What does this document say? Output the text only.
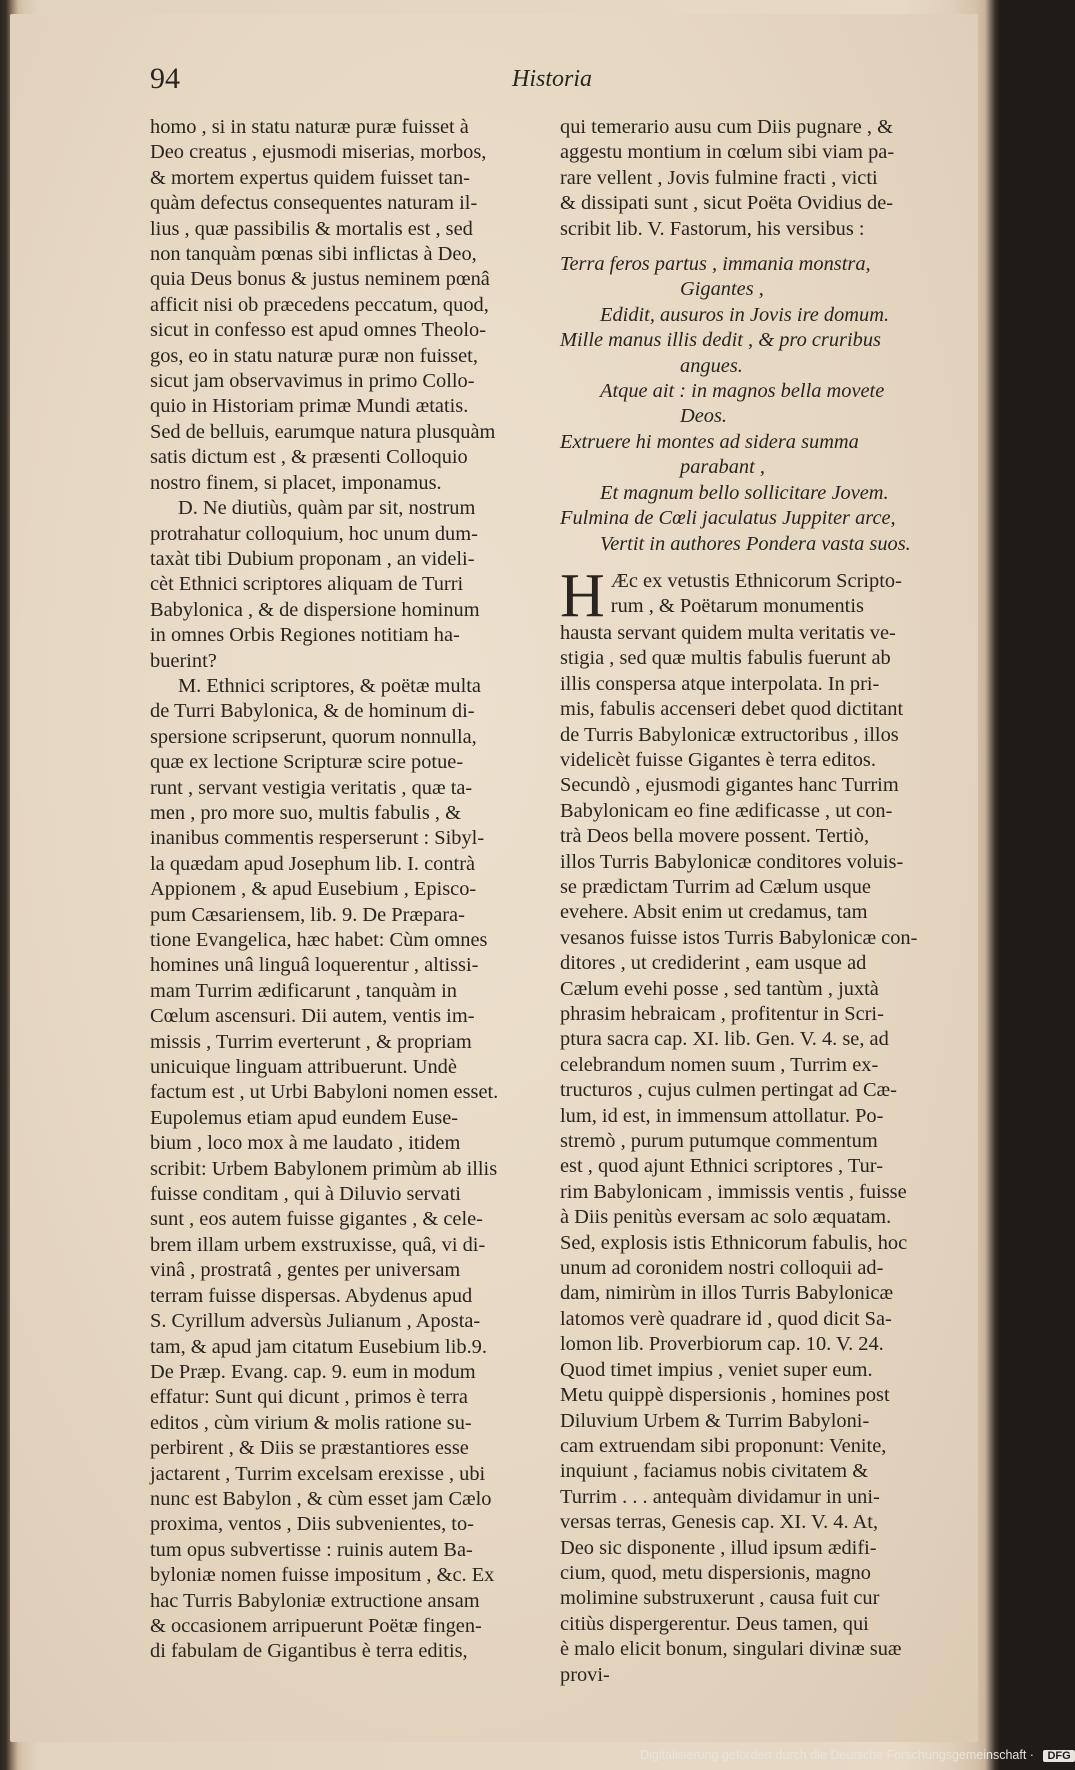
94	Historia
homo , si in statu naturæ puræ fuisset à
Deo creatus , ejusmodi miserias, morbos,
& mortem expertus quidem fuisset tan-
quàm defectus consequentes naturam il-
lius , quæ passibilis & mortalis est , sed
non tanquàm pœnas sibi inflictas à Deo,
quia Deus bonus & justus neminem pœnâ
afficit nisi ob præcedens peccatum, quod,
sicut in confesso est apud omnes Theolo-
gos, eo in statu naturæ puræ non fuisset,
sicut jam observavimus in primo Collo-
quio in Historiam primæ Mundi ætatis.
Sed de belluis, earumque natura plusquàm
satis dictum est , & præsenti Colloquio
nostro finem, si placet, imponamus.
D. Ne diutiùs, quàm par sit, nostrum
protrahatur colloquium, hoc unum dum-
taxàt tibi Dubium proponam , an videli-
cèt Ethnici scriptores aliquam de Turri
Babylonica , & de dispersione hominum
in omnes Orbis Regiones notitiam ha-
buerint?
M. Ethnici scriptores, & poëtæ multa
de Turri Babylonica, & de hominum di-
spersione scripserunt, quorum nonnulla,
quæ ex lectione Scripturæ scire potue-
runt , servant vestigia veritatis , quæ ta-
men , pro more suo, multis fabulis , &
inanibus commentis resperserunt : Sibyl-
la quædam apud Josephum lib. I. contrà
Appionem , & apud Eusebium , Episco-
pum Cæsariensem, lib. 9. De Præpara-
tione Evangelica, hæc habet: Cùm omnes
homines unâ linguâ loquerentur , altissi-
mam Turrim ædificarunt , tanquàm in
Cœlum ascensuri. Dii autem, ventis im-
missis , Turrim everterunt , & propriam
unicuique linguam attribuerunt. Undè
factum est , ut Urbi Babyloni nomen esset.
Eupolemus etiam apud eundem Euse-
bium , loco mox à me laudato , itidem
scribit: Urbem Babylonem primùm ab illis
fuisse conditam , qui à Diluvio servati
sunt , eos autem fuisse gigantes , & cele-
brem illam urbem exstruxisse, quâ, vi di-
vinâ , prostratâ , gentes per universam
terram fuisse dispersas. Abydenus apud
S. Cyrillum adversùs Julianum , Aposta-
tam, & apud jam citatum Eusebium lib.9.
De Præp. Evang. cap. 9. eum in modum
effatur: Sunt qui dicunt , primos è terra
editos , cùm virium & molis ratione su-
perbirent , & Diis se præstantiores esse
jactarent , Turrim excelsam erexisse , ubi
nunc est Babylon , & cùm esset jam Cælo
proxima, ventos , Diis subvenientes, to-
tum opus subvertisse : ruinis autem Ba-
byloniæ nomen fuisse impositum , &c. Ex
hac Turris Babyloniæ extructione ansam
& occasionem arripuerunt Poëtæ fingen-
di fabulam de Gigantibus è terra editis,
qui temerario ausu cum Diis pugnare , &
aggestu montium in cœlum sibi viam pa-
rare vellent , Jovis fulmine fracti , victi
& dissipati sunt , sicut Poëta Ovidius de-
scribit lib. V. Fastorum, his versibus :
Terra feros partus , immania monstra,
Gigantes ,
Edidit, ausuros in Jovis ire domum.
Mille manus illis dedit , & pro cruribus
angues.
Atque ait : in magnos bella movete
Deos.
Extruere hi montes ad sidera summa
parabant ,
Et magnum bello sollicitare Jovem.
Fulmina de Cœli jaculatus Juppiter arce,
Vertit in authores Pondera vasta suos.
H Æc ex vetustis Ethnicorum Scripto-
rum , & Poëtarum monumentis
hausta servant quidem multa veritatis ve-
stigia , sed quæ multis fabulis fuerunt ab
illis conspersa atque interpolata. In pri-
mis, fabulis accenseri debet quod dictitant
de Turris Babylonicæ extructoribus , illos
videlicèt fuisse Gigantes è terra editos.
Secundò , ejusmodi gigantes hanc Turrim
Babylonicam eo fine ædificasse , ut con-
trà Deos bella movere possent. Tertiò,
illos Turris Babylonicæ conditores voluis-
se prædictam Turrim ad Cælum usque
evehere. Absit enim ut credamus, tam
vesanos fuisse istos Turris Babylonicæ con-
ditores , ut crediderint , eam usque ad
Cælum evehi posse , sed tantùm , juxtà
phrasim hebraicam , profitentur in Scri-
ptura sacra cap. XI. lib. Gen. V. 4. se, ad
celebrandum nomen suum , Turrim ex-
tructuros , cujus culmen pertingat ad Cæ-
lum, id est, in immensum attollatur. Po-
stremò , purum putumque commentum
est , quod ajunt Ethnici scriptores , Tur-
rim Babylonicam , immissis ventis , fuisse
à Diis penitùs eversam ac solo æquatam.
Sed, explosis istis Ethnicorum fabulis, hoc
unum ad coronidem nostri colloquii ad-
dam, nimirùm in illos Turris Babylonicæ
latomos verè quadrare id , quod dicit Sa-
lomon lib. Proverbiorum cap. 10. V. 24.
Quod timet impius , veniet super eum.
Metu quippè dispersionis , homines post
Diluvium Urbem & Turrim Babyloni-
cam extruendam sibi proponunt: Venite,
inquiunt , faciamus nobis civitatem &
Turrim . . . antequàm dividamur in uni-
versas terras, Genesis cap. XI. V. 4. At,
Deo sic disponente , illud ipsum ædifi-
cium, quod, metu dispersionis, magno
molimine substruxerunt , causa fuit cur
citiùs dispergerentur. Deus tamen, qui
è malo elicit bonum, singulari divinæ suæ
provi-
Digitalisierung gefördert durch die Deutsche Forschungsgemeinschaft · DFG
